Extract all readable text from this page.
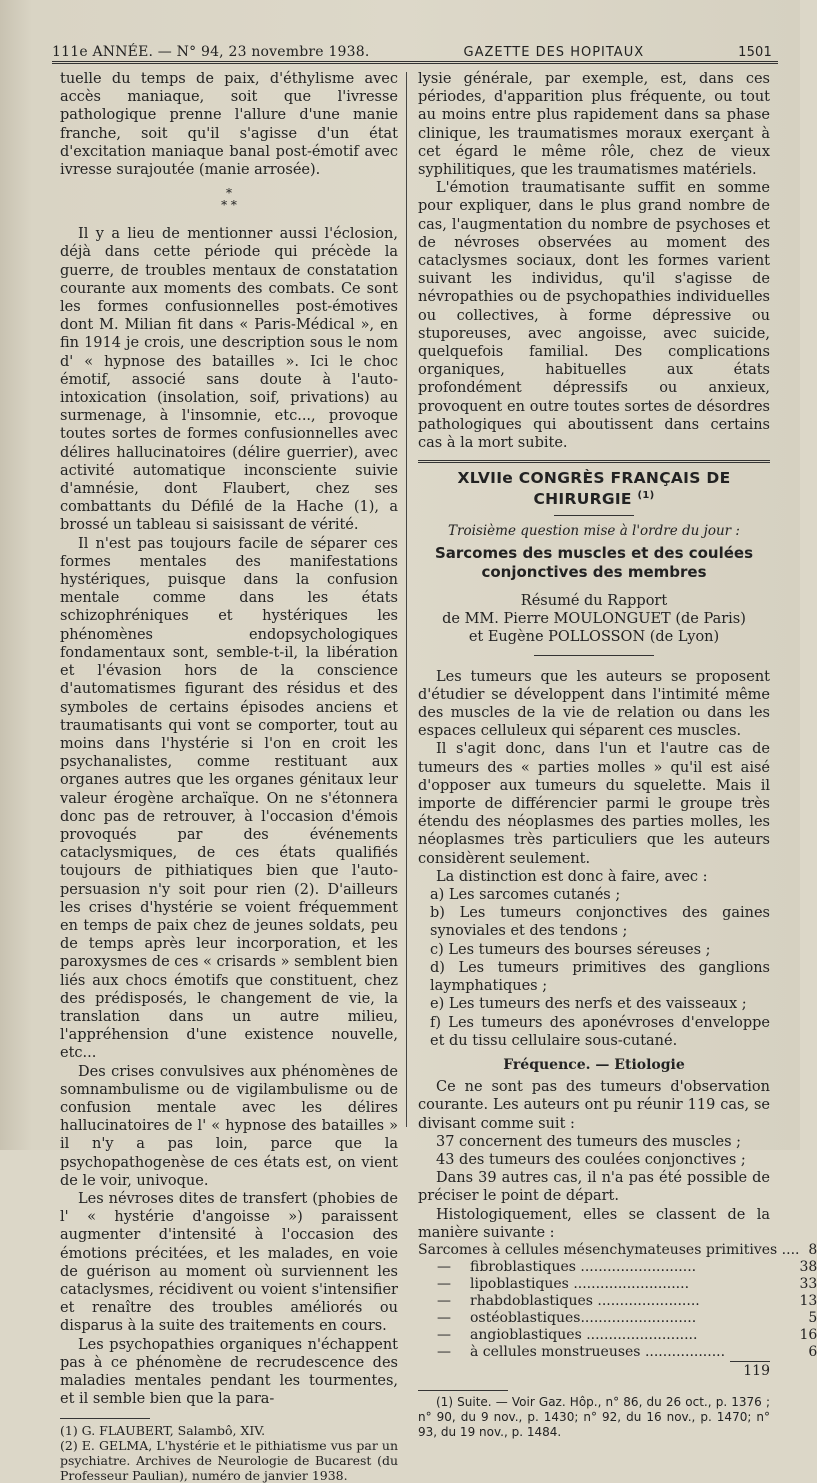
111e ANNÉE. — N° 94, 23 novembre 1938.	GAZETTE DES HOPITAUX	1501

tuelle du temps de paix, d'éthylisme avec accès maniaque, soit que l'ivresse pathologique prenne l'allure d'une manie franche, soit qu'il s'agisse d'un état d'excitation maniaque banal post-émotif avec ivresse surajoutée (manie arrosée).

*
* *

Il y a lieu de mentionner aussi l'éclosion, déjà dans cette période qui précède la guerre, de troubles mentaux de constatation courante aux moments des combats. Ce sont les formes confusionnelles post-émotives dont M. Milian fit dans « Paris-Médical », en fin 1914 je crois, une description sous le nom d' « hypnose des batailles ». Ici le choc émotif, associé sans doute à l'auto-intoxication (insolation, soif, privations) au surmenage, à l'insomnie, etc..., provoque toutes sortes de formes confusionnelles avec délires hallucinatoires (délire guerrier), avec activité automatique inconsciente suivie d'amnésie, dont Flaubert, chez ses combattants du Défilé de la Hache (1), a brossé un tableau si saisissant de vérité.

Il n'est pas toujours facile de séparer ces formes mentales des manifestations hystériques, puisque dans la confusion mentale comme dans les états schizophréniques et hystériques les phénomènes endopsychologiques fondamentaux sont, semble-t-il, la libération et l'évasion hors de la conscience d'automatismes figurant des résidus et des symboles de certains épisodes anciens et traumatisants qui vont se comporter, tout au moins dans l'hystérie si l'on en croit les psychanalistes, comme restituant aux organes autres que les organes génitaux leur valeur érogène archaïque. On ne s'étonnera donc pas de retrouver, à l'occasion d'émois provoqués par des événements cataclysmiques, de ces états qualifiés toujours de pithiatiques bien que l'auto-persuasion n'y soit pour rien (2). D'ailleurs les crises d'hystérie se voient fréquemment en temps de paix chez de jeunes soldats, peu de temps après leur incorporation, et les paroxysmes de ces « crisards » semblent bien liés aux chocs émotifs que constituent, chez des prédisposés, le changement de vie, la translation dans un autre milieu, l'appréhension d'une existence nouvelle, etc...

Des crises convulsives aux phénomènes de somnambulisme ou de vigilambulisme ou de confusion mentale avec les délires hallucinatoires de l' « hypnose des batailles » il n'y a pas loin, parce que la psychopathogenèse de ces états est, on vient de le voir, univoque.

Les névroses dites de transfert (phobies de l' « hystérie d'angoisse ») paraissent augmenter d'intensité à l'occasion des émotions précitées, et les malades, en voie de guérison au moment où surviennent les cataclysmes, récidivent ou voient s'intensifier et renaître des troubles améliorés ou disparus à la suite des traitements en cours.

Les psychopathies organiques n'échappent pas à ce phénomène de recrudescence des maladies mentales pendant les tourmentes, et il semble bien que la para-

(1) G. FLAUBERT, Salambô, XIV.

(2) E. GELMA, L'hystérie et le pithiatisme vus par un psychiatre. Archives de Neurologie de Bucarest (du Professeur Paulian), numéro de janvier 1938.

lysie générale, par exemple, est, dans ces périodes, d'apparition plus fréquente, ou tout au moins entre plus rapidement dans sa phase clinique, les traumatismes moraux exerçant à cet égard le même rôle, chez de vieux syphilitiques, que les traumatismes matériels.

L'émotion traumatisante suffit en somme pour expliquer, dans le plus grand nombre de cas, l'augmentation du nombre de psychoses et de névroses observées au moment des cataclysmes sociaux, dont les formes varient suivant les individus, qu'il s'agisse de névropathies ou de psychopathies individuelles ou collectives, à forme dépressive ou stuporeuses, avec angoisse, avec suicide, quelquefois familial. Des complications organiques, habituelles aux états profondément dépressifs ou anxieux, provoquent en outre toutes sortes de désordres pathologiques qui aboutissent dans certains cas à la mort subite.

XLVIIe CONGRÈS FRANÇAIS DE CHIRURGIE $^{(1)}$
Troisième question mise à l'ordre du jour :
Sarcomes des muscles et des coulées conjonctives des membres

Résumé du Rapport

de MM. Pierre MOULONGUET (de Paris)

et Eugène POLLOSSON (de Lyon)

Les tumeurs que les auteurs se proposent d'étudier se développent dans l'intimité même des muscles de la vie de relation ou dans les espaces celluleux qui séparent ces muscles.

Il s'agit donc, dans l'un et l'autre cas de tumeurs des « parties molles » qu'il est aisé d'opposer aux tumeurs du squelette. Mais il importe de différencier parmi le groupe très étendu des néoplasmes des parties molles, les néoplasmes très particuliers que les auteurs considèrent seulement.

La distinction est donc à faire, avec :

a) Les sarcomes cutanés ;

b) Les tumeurs conjonctives des gaines synoviales et des tendons ;

c) Les tumeurs des bourses séreuses ;

d) Les tumeurs primitives des ganglions laymphatiques ;

e) Les tumeurs des nerfs et des vaisseaux ;

f) Les tumeurs des aponévroses d'enveloppe et du tissu cellulaire sous-cutané.

Fréquence. — Etiologie

Ce ne sont pas des tumeurs d'observation courante. Les auteurs ont pu réunir 119 cas, se divisant comme suit :

37 concernent des tumeurs des muscles ;

43 des tumeurs des coulées conjonctives ;

Dans 39 autres cas, il n'a pas été possible de préciser le point de départ.

Histologiquement, elles se classent de la manière suivante :

Sarcomes à cellules mésenchymateuses primitives ....		8
—	fibroblastiques ..........................	38
—	lipoblastiques ..........................	33
—	rhabdoblastiques .......................	13
—	ostéoblastiques..........................	5
—	angioblastiques .........................	16
—	à cellules monstrueuses ..................	6
119

(1) Suite. — Voir Gaz. Hôp., n° 86, du 26 oct., p. 1376 ; n° 90, du 9 nov., p. 1430; n° 92, du 16 nov., p. 1470; n° 93, du 19 nov., p. 1484.
